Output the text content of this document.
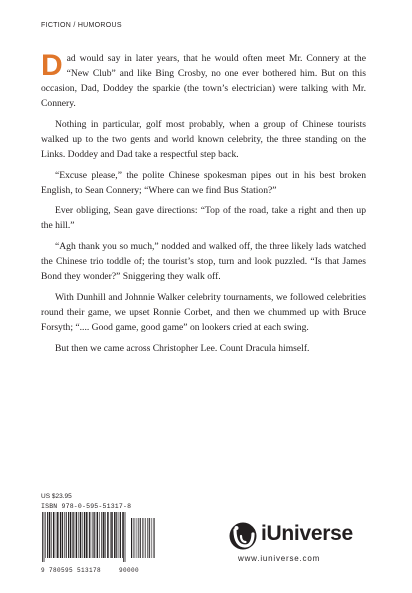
FICTION / HUMOROUS

Dad would say in later years, that he would often meet Mr. Connery at the “New Club” and like Bing Crosby, no one ever bothered him. But on this occasion, Dad, Doddey the sparkie (the town’s electrician) were talking with Mr. Connery.

Nothing in particular, golf most probably, when a group of Chinese tourists walked up to the two gents and world known celebrity, the three standing on the Links. Doddey and Dad take a respectful step back.

“Excuse please,” the polite Chinese spokesman pipes out in his best broken English, to Sean Connery; “Where can we find Bus Station?”

Ever obliging, Sean gave directions: “Top of the road, take a right and then up the hill.”

“Agh thank you so much,” nodded and walked off, the three likely lads watched the Chinese trio toddle of; the tourist’s stop, turn and look puzzled. “Is that James Bond they wonder?” Sniggering they walk off.

With Dunhill and Johnnie Walker celebrity tournaments, we followed celebrities round their game, we upset Ronnie Corbet, and then we chummed up with Bruce Forsyth; “.... Good game, good game” on lookers cried at each swing.

But then we came across Christopher Lee. Count Dracula himself.

US $23.95
ISBN 978-0-595-51317-8
9 780595 513178	90000
iUniverse
www.iuniverse.com
